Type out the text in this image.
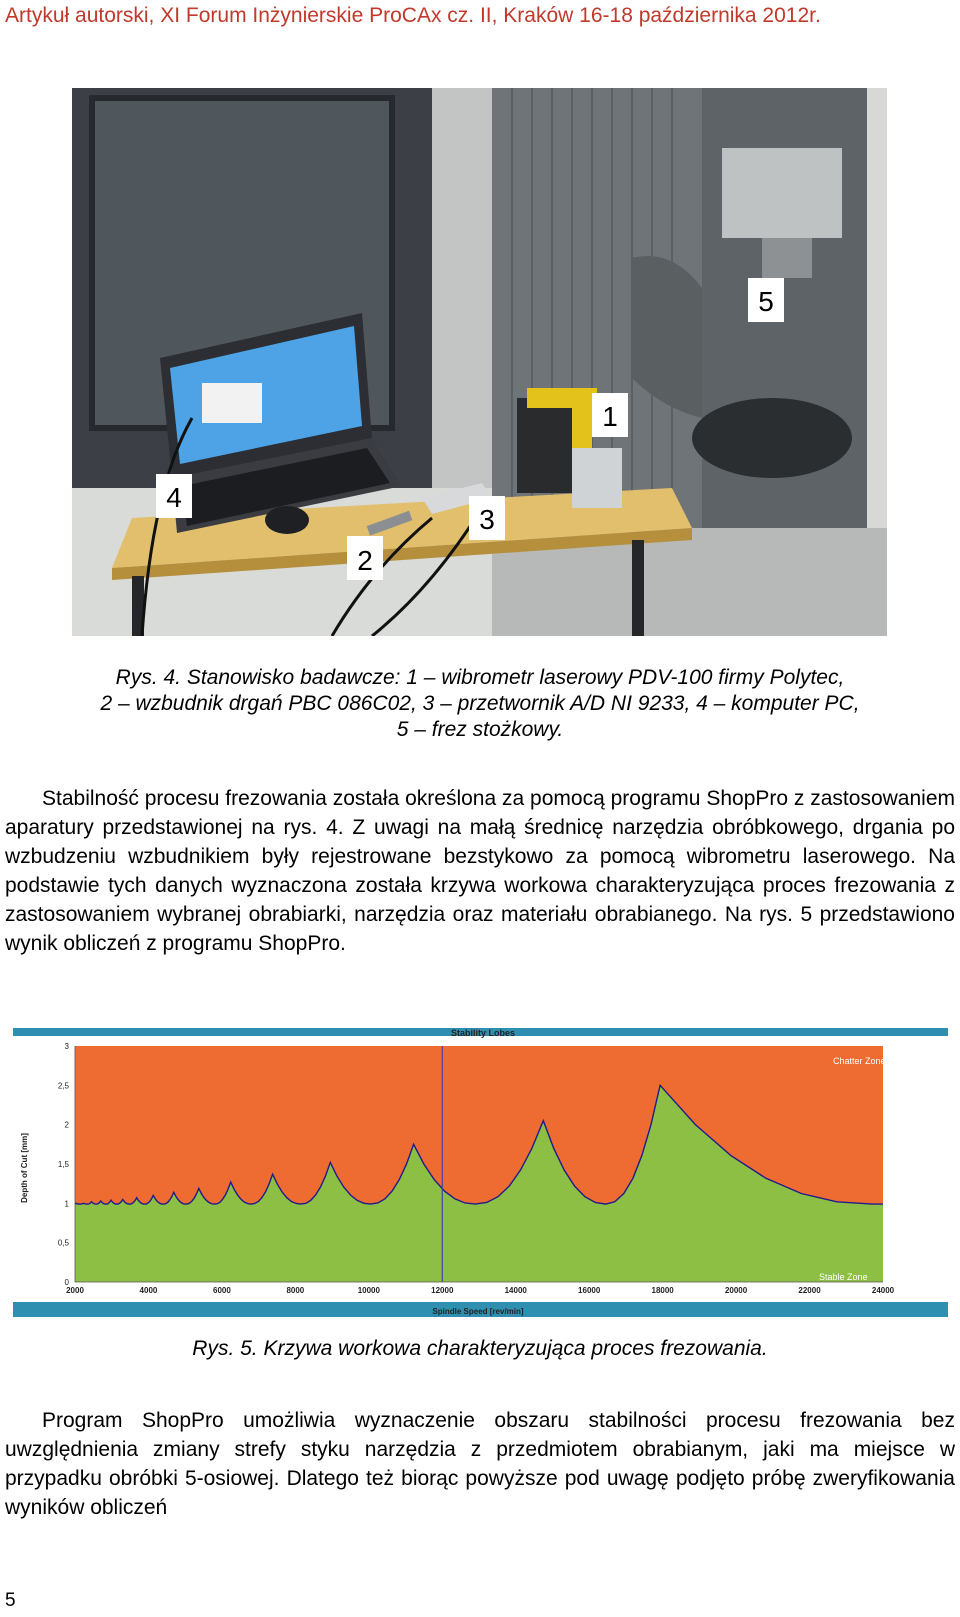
Artykuł autorski, XI Forum Inżynierskie ProCAx cz. II, Kraków 16-18 października 2012r.
1
2
3
4
5
Rys. 4. Stanowisko badawcze: 1 – wibrometr laserowy PDV-100 firmy Polytec,
2 – wzbudnik drgań PBC 086C02, 3 – przetwornik A/D NI 9233, 4 – komputer PC,
5 – frez stożkowy.

Stabilność procesu frezowania została określona za pomocą programu ShopPro z zastosowaniem aparatury przedstawionej na rys. 4. Z uwagi na małą średnicę narzędzia obróbkowego, drgania po wzbudzeniu wzbudnikiem były rejestrowane bezstykowo za pomocą wibrometru laserowego. Na podstawie tych danych wyznaczona została krzywa workowa charakteryzująca proces frezowania z zastosowaniem wybranej obrabiarki, narzędzia oraz materiału obrabianego. Na rys. 5 przedstawiono wynik obliczeń z programu ShopPro.

Stability Lobes
2000	4000	6000	8000	10000	12000	14000	16000	18000	20000	22000	24000
0
0,5
1
1,5
2
2,5
3
Chatter Zone
Stable Zone
Spindle Speed [rev/min]
Depth of Cut [mm]
Rys. 5. Krzywa workowa charakteryzująca proces frezowania.

Program ShopPro umożliwia wyznaczenie obszaru stabilności procesu frezowania bez uwzględnienia zmiany strefy styku narzędzia z przedmiotem obrabianym, jaki ma miejsce w przypadku obróbki 5-osiowej. Dlatego też biorąc powyższe pod uwagę podjęto próbę zweryfikowania wyników obliczeń

5
